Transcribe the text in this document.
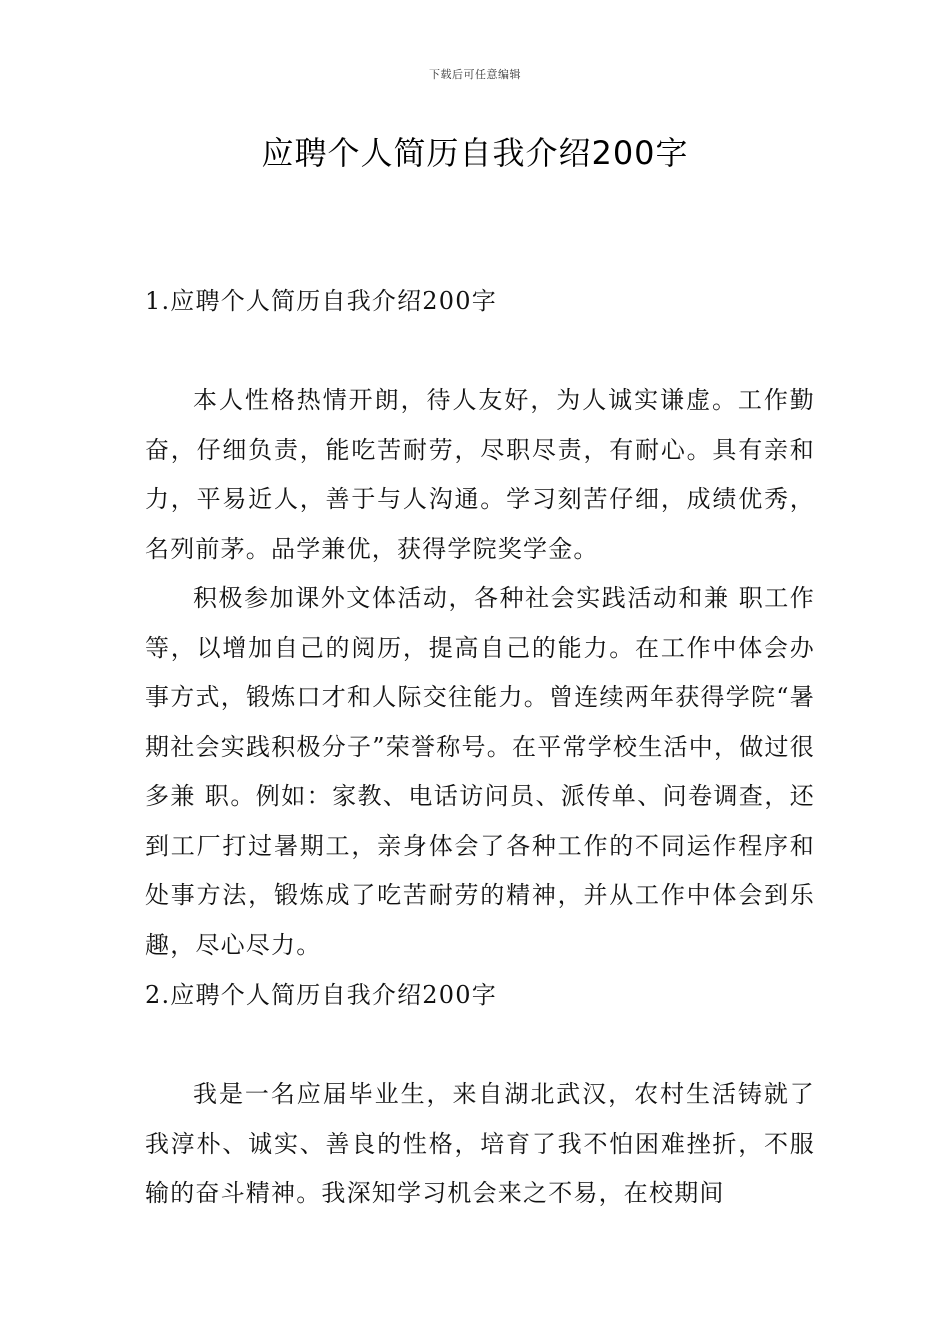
下载后可任意编辑
应聘个人简历自我介绍200字

1.应聘个人简历自我介绍200字

本人性格热情开朗，待人友好，为人诚实谦虚。工作勤奋，仔细负责，能吃苦耐劳，尽职尽责，有耐心。具有亲和力，平易近人，善于与人沟通。学习刻苦仔细，成绩优秀，名列前茅。品学兼优，获得学院奖学金。

积极参加课外文体活动，各种社会实践活动和兼 职工作等，以增加自己的阅历，提高自己的能力。在工作中体会办事方式，锻炼口才和人际交往能力。曾连续两年获得学院“暑期社会实践积极分子”荣誉称号。在平常学校生活中，做过很多兼 职。例如：家教、电话访问员、派传单、问卷调查，还到工厂打过暑期工，亲身体会了各种工作的不同运作程序和处事方法，锻炼成了吃苦耐劳的精神，并从工作中体会到乐趣，尽心尽力。

2.应聘个人简历自我介绍200字

我是一名应届毕业生，来自湖北武汉，农村生活铸就了我淳朴、诚实、善良的性格，培育了我不怕困难挫折，不服输的奋斗精神。我深知学习机会来之不易，在校期间
